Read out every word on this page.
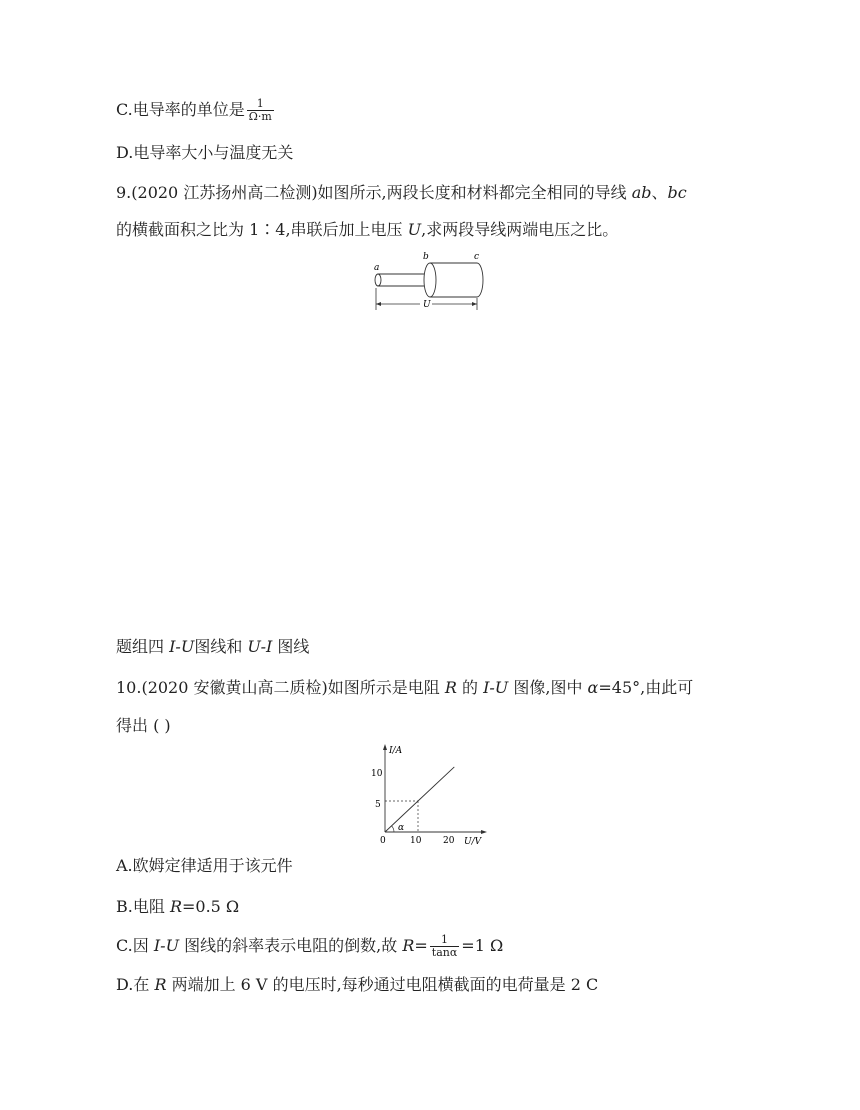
C.电导率的单位是 $\frac{1}{\Omega\cdot m}$
D.电导率大小与温度无关
9.(2020 江苏扬州高二检测)如图所示,两段长度和材料都完全相同的导线 ab、bc
的横截面积之比为 1∶4,串联后加上电压 U,求两段导线两端电压之比。
a
b	c
U
题组四 I-U图线和 U-I 图线
10.(2020 安徽黄山高二质检)如图所示是电阻 R 的 I-U 图像,图中 α=45°,由此可
得出 ( )
I/A
U/V
5
10
0	10 20
α
A.欧姆定律适用于该元件
B.电阻 R=0.5 Ω
C.因 I-U 图线的斜率表示电阻的倒数,故 $R= \frac{1}{\tan\alpha} =1$ Ω
D.在 R 两端加上 6 V 的电压时,每秒通过电阻横截面的电荷量是 2 C
